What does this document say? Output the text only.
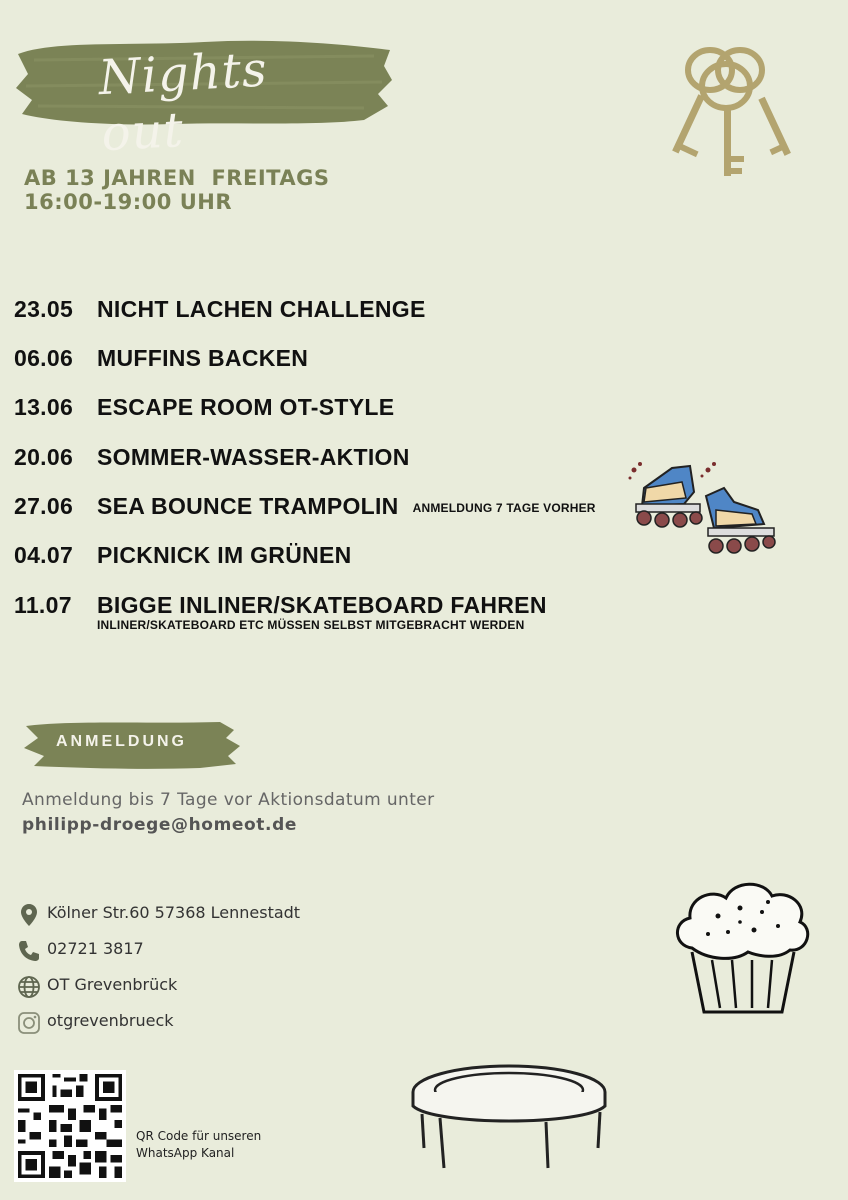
Nights out
AB 13 JAHREN  FREITAGS
16:00-19:00 UHR
23.05	NICHT LACHEN CHALLENGE
06.06	MUFFINS BACKEN
13.06	ESCAPE ROOM OT-STYLE
20.06	SOMMER-WASSER-AKTION
27.06	SEA BOUNCE TRAMPOLIN ANMELDUNG 7 TAGE VORHER
04.07	PICKNICK IM GRÜNEN
11.07	BIGGE INLINER/SKATEBOARD FAHREN
INLINER/SKATEBOARD ETC MÜSSEN SELBST MITGEBRACHT WERDEN
ANMELDUNG
Anmeldung bis 7 Tage vor Aktionsdatum unter
philipp-droege@homeot.de
Kölner Str.60 57368 Lennestadt
02721 3817
OT Grevenbrück
otgrevenbrueck
QR Code für unseren WhatsApp Kanal
